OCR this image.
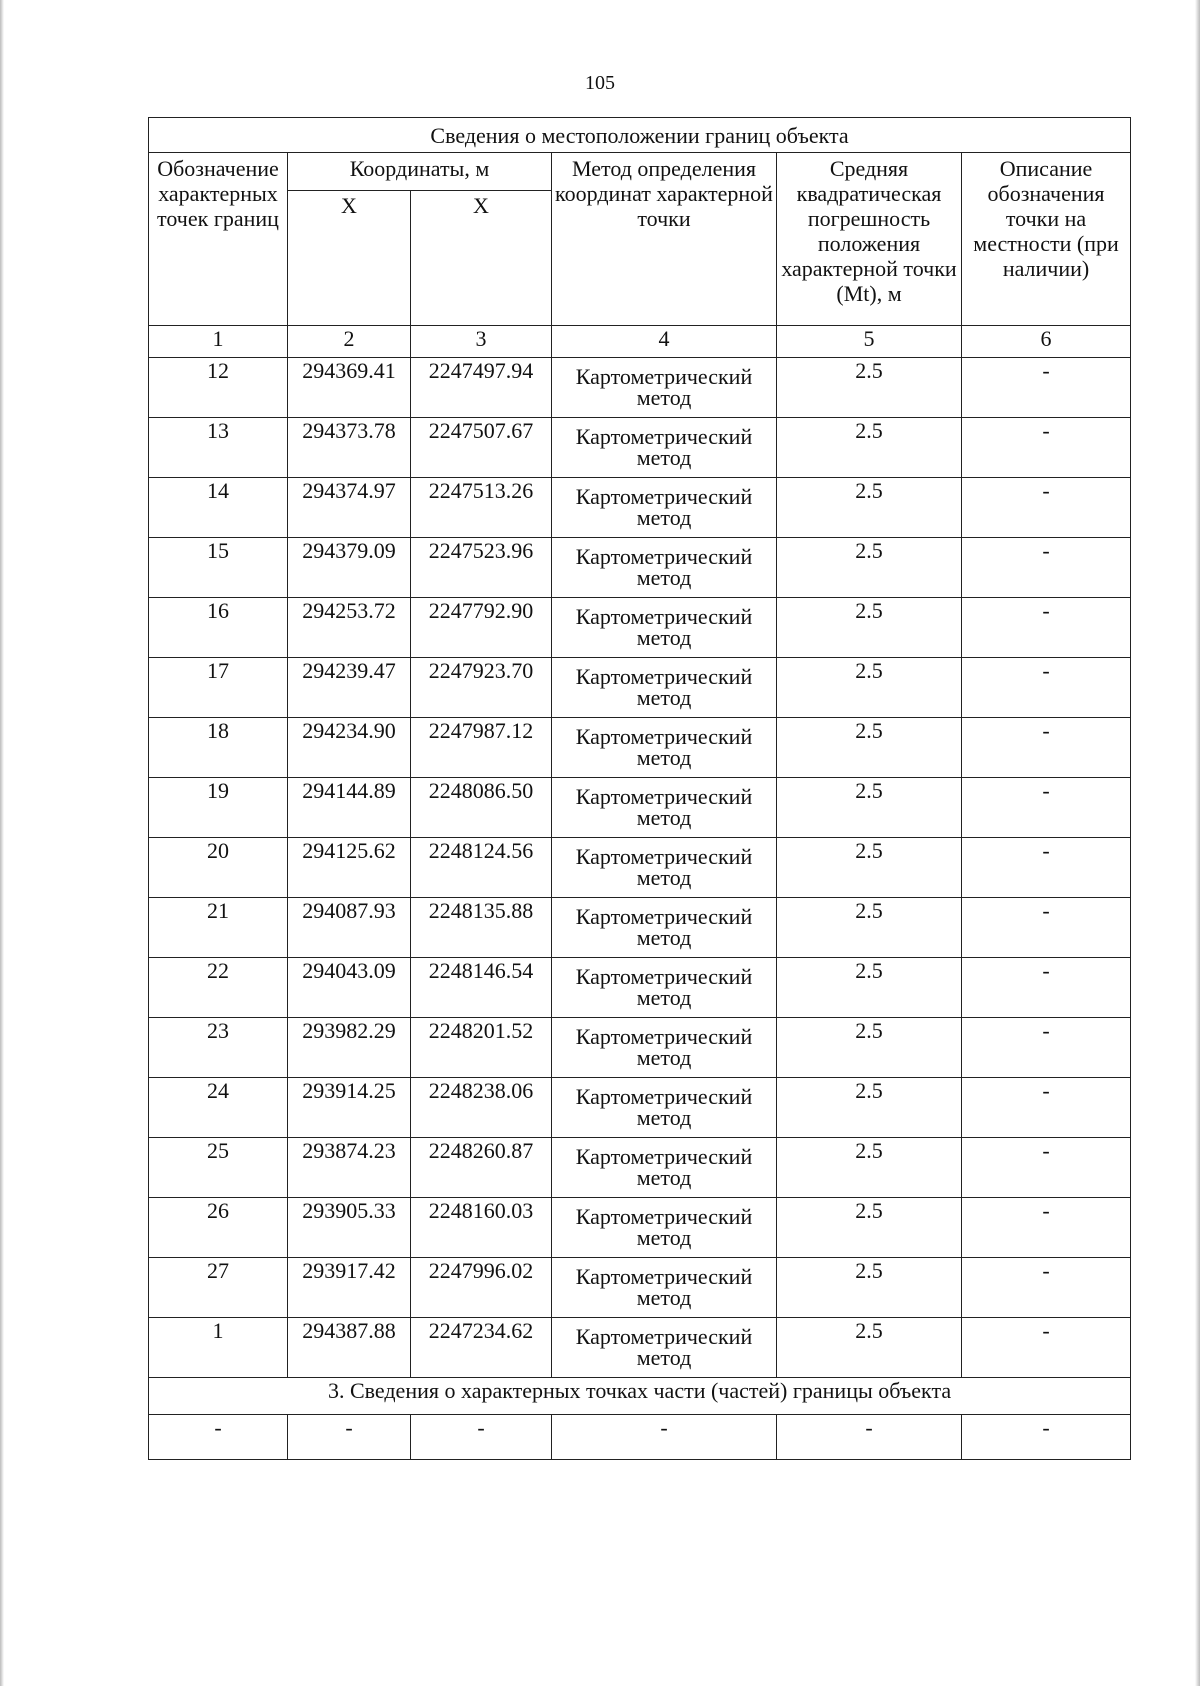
105
Сведения о местоположении границ объекта					
Обозначение характерных точек границ	Координаты, м		Метод определения координат характерной точки	Средняя квадратическая погрешность положения характерной точки (Mt), м	Описание обозначения точки на местности (при наличии)
	X	X			
1	2	3	4	5	6
12	294369.41	2247497.94	Картометрический метод	2.5	-
13	294373.78	2247507.67	Картометрический метод	2.5	-
14	294374.97	2247513.26	Картометрический метод	2.5	-
15	294379.09	2247523.96	Картометрический метод	2.5	-
16	294253.72	2247792.90	Картометрический метод	2.5	-
17	294239.47	2247923.70	Картометрический метод	2.5	-
18	294234.90	2247987.12	Картометрический метод	2.5	-
19	294144.89	2248086.50	Картометрический метод	2.5	-
20	294125.62	2248124.56	Картометрический метод	2.5	-
21	294087.93	2248135.88	Картометрический метод	2.5	-
22	294043.09	2248146.54	Картометрический метод	2.5	-
23	293982.29	2248201.52	Картометрический метод	2.5	-
24	293914.25	2248238.06	Картометрический метод	2.5	-
25	293874.23	2248260.87	Картометрический метод	2.5	-
26	293905.33	2248160.03	Картометрический метод	2.5	-
27	293917.42	2247996.02	Картометрический метод	2.5	-
1	294387.88	2247234.62	Картометрический метод	2.5	-
3. Сведения о характерных точках части (частей) границы объекта					
-	-	-	-	-	-
